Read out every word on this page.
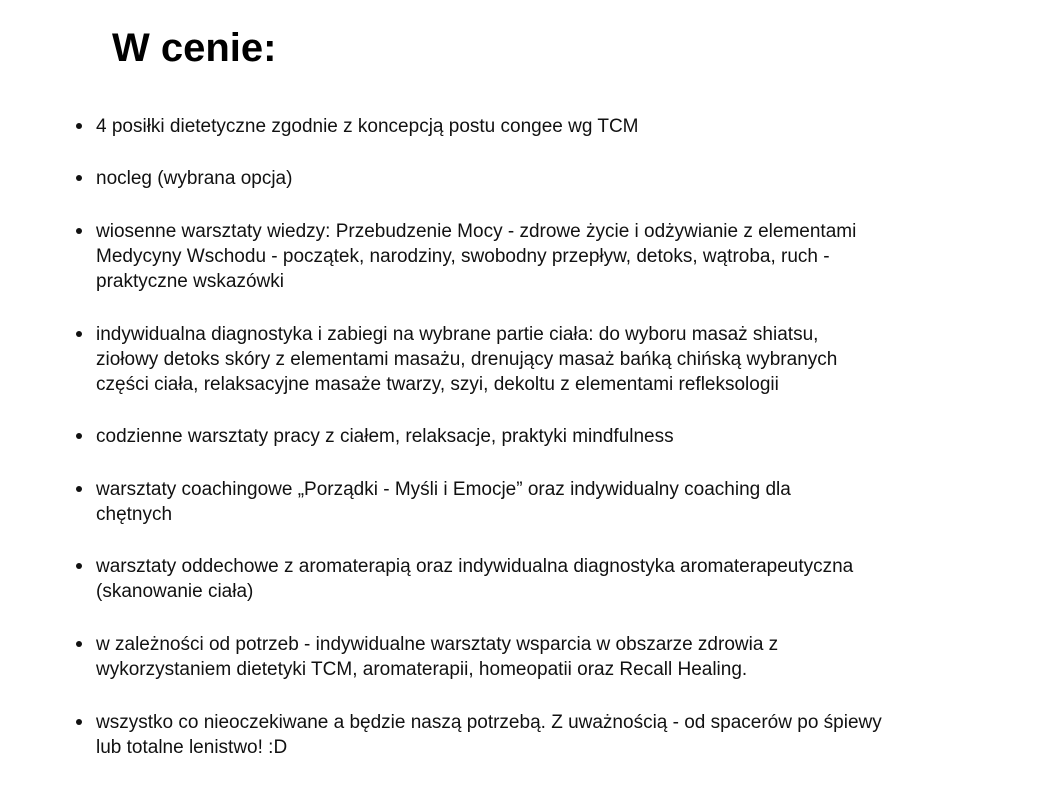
W cenie:
4 posiłki dietetyczne zgodnie z koncepcją postu congee wg TCM
nocleg (wybrana opcja)
wiosenne warsztaty wiedzy: Przebudzenie Mocy - zdrowe życie i odżywianie z elementami
Medycyny Wschodu - początek, narodziny, swobodny przepływ, detoks, wątroba, ruch -
praktyczne wskazówki
indywidualna diagnostyka i zabiegi na wybrane partie ciała: do wyboru masaż shiatsu,
ziołowy detoks skóry z elementami masażu, drenujący masaż bańką chińską wybranych
części ciała, relaksacyjne masaże twarzy, szyi, dekoltu z elementami refleksologii
codzienne warsztaty pracy z ciałem, relaksacje, praktyki mindfulness
warsztaty coachingowe „Porządki - Myśli i Emocje” oraz indywidualny coaching dla
chętnych
warsztaty oddechowe z aromaterapią oraz indywidualna diagnostyka aromaterapeutyczna
(skanowanie ciała)
w zależności od potrzeb - indywidualne warsztaty wsparcia w obszarze zdrowia z
wykorzystaniem dietetyki TCM, aromaterapii, homeopatii oraz Recall Healing.
wszystko co nieoczekiwane a będzie naszą potrzebą. Z uważnością - od spacerów po śpiewy
lub totalne lenistwo! :D
